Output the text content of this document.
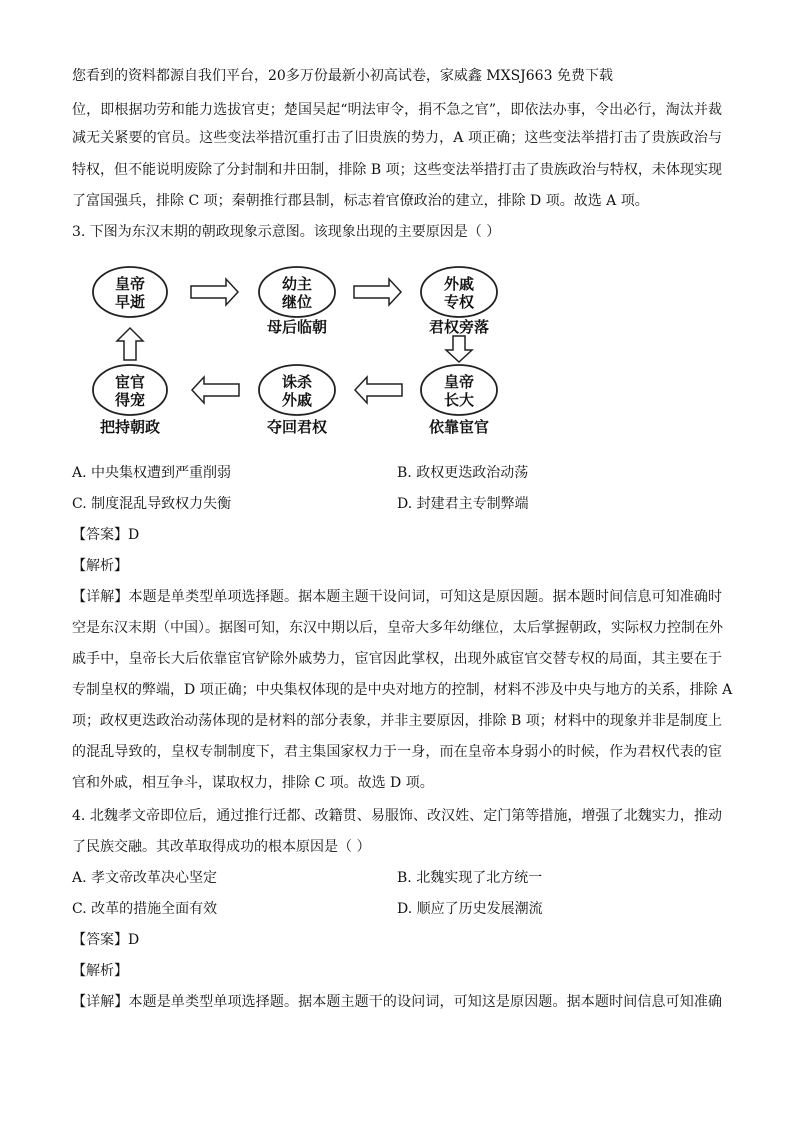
您看到的资料都源自我们平台，20多万份最新小初高试卷，家威鑫 MXSJ663 免费下载
位，即根据功劳和能力选拔官吏；楚国吴起“明法审令，捐不急之官”，即依法办事，令出必行，淘汰并裁
减无关紧要的官员。这些变法举措沉重打击了旧贵族的势力，A 项正确；这些变法举措打击了贵族政治与
特权，但不能说明废除了分封制和井田制，排除 B 项；这些变法举措打击了贵族政治与特权，未体现实现
了富国强兵，排除 C 项；秦朝推行郡县制，标志着官僚政治的建立，排除 D 项。故选 A 项。
3. 下图为东汉末期的朝政现象示意图。该现象出现的主要原因是（ ）
皇帝
早逝
幼主
继位
母后临朝
外戚
专权
君权旁落
皇帝
长大
依靠宦官
诛杀
外戚
夺回君权
宦官
得宠
把持朝政
A. 中央集权遭到严重削弱	B. 政权更迭政治动荡
C. 制度混乱导致权力失衡	D. 封建君主专制弊端
【答案】D
【解析】
【详解】本题是单类型单项选择题。据本题主题干设问词，可知这是原因题。据本题时间信息可知准确时
空是东汉末期（中国）。据图可知，东汉中期以后，皇帝大多年幼继位，太后掌握朝政，实际权力控制在外
戚手中，皇帝长大后依靠宦官铲除外戚势力，宦官因此掌权，出现外戚宦官交替专权的局面，其主要在于
专制皇权的弊端，D 项正确；中央集权体现的是中央对地方的控制，材料不涉及中央与地方的关系，排除 A
项；政权更迭政治动荡体现的是材料的部分表象，并非主要原因，排除 B 项；材料中的现象并非是制度上
的混乱导致的，皇权专制制度下，君主集国家权力于一身，而在皇帝本身弱小的时候，作为君权代表的宦
官和外戚，相互争斗，谋取权力，排除 C 项。故选 D 项。
4. 北魏孝文帝即位后，通过推行迁都、改籍贯、易服饰、改汉姓、定门第等措施，增强了北魏实力，推动
了民族交融。其改革取得成功的根本原因是（ ）
A. 孝文帝改革决心坚定	B. 北魏实现了北方统一
C. 改革的措施全面有效	D. 顺应了历史发展潮流
【答案】D
【解析】
【详解】本题是单类型单项选择题。据本题主题干的设问词，可知这是原因题。据本题时间信息可知准确
